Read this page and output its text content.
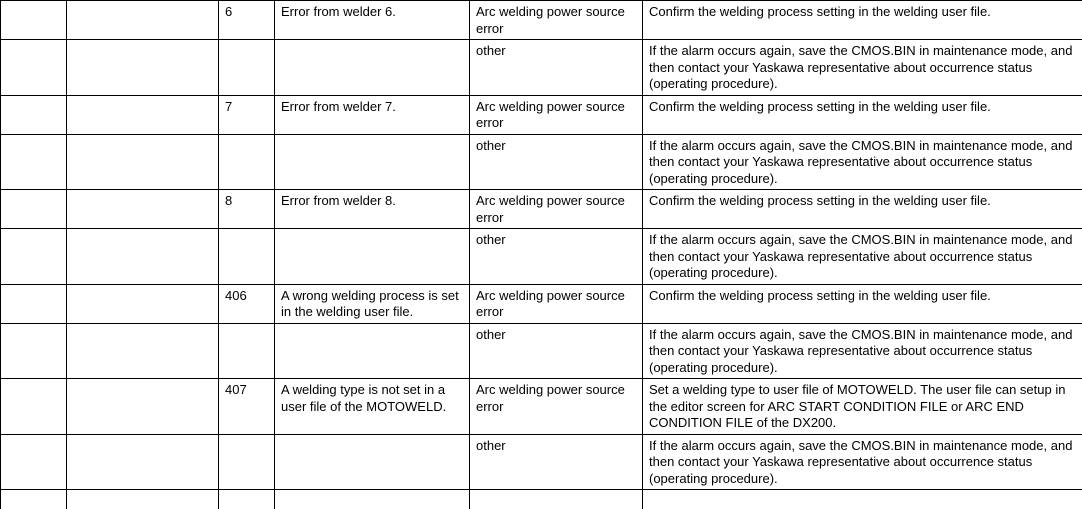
		6	Error from welder 6.	Arc welding power source error	Confirm the welding process setting in the welding user file.
				other	If the alarm occurs again, save the CMOS.BIN in maintenance mode, and then contact your Yaskawa representative about occurrence status (operating procedure).
		7	Error from welder 7.	Arc welding power source error	Confirm the welding process setting in the welding user file.
				other	If the alarm occurs again, save the CMOS.BIN in maintenance mode, and then contact your Yaskawa representative about occurrence status (operating procedure).
		8	Error from welder 8.	Arc welding power source error	Confirm the welding process setting in the welding user file.
				other	If the alarm occurs again, save the CMOS.BIN in maintenance mode, and then contact your Yaskawa representative about occurrence status (operating procedure).
		406	A wrong welding process is set in the welding user file.	Arc welding power source error	Confirm the welding process setting in the welding user file.
				other	If the alarm occurs again, save the CMOS.BIN in maintenance mode, and then contact your Yaskawa representative about occurrence status (operating procedure).
		407	A welding type is not set in a user file of the MOTOWELD.	Arc welding power source error	Set a welding type to user file of MOTOWELD. The user file can setup in the editor screen for ARC START CONDITION FILE or ARC END CONDITION FILE of the DX200.
				other	If the alarm occurs again, save the CMOS.BIN in maintenance mode, and then contact your Yaskawa representative about occurrence status (operating procedure).
